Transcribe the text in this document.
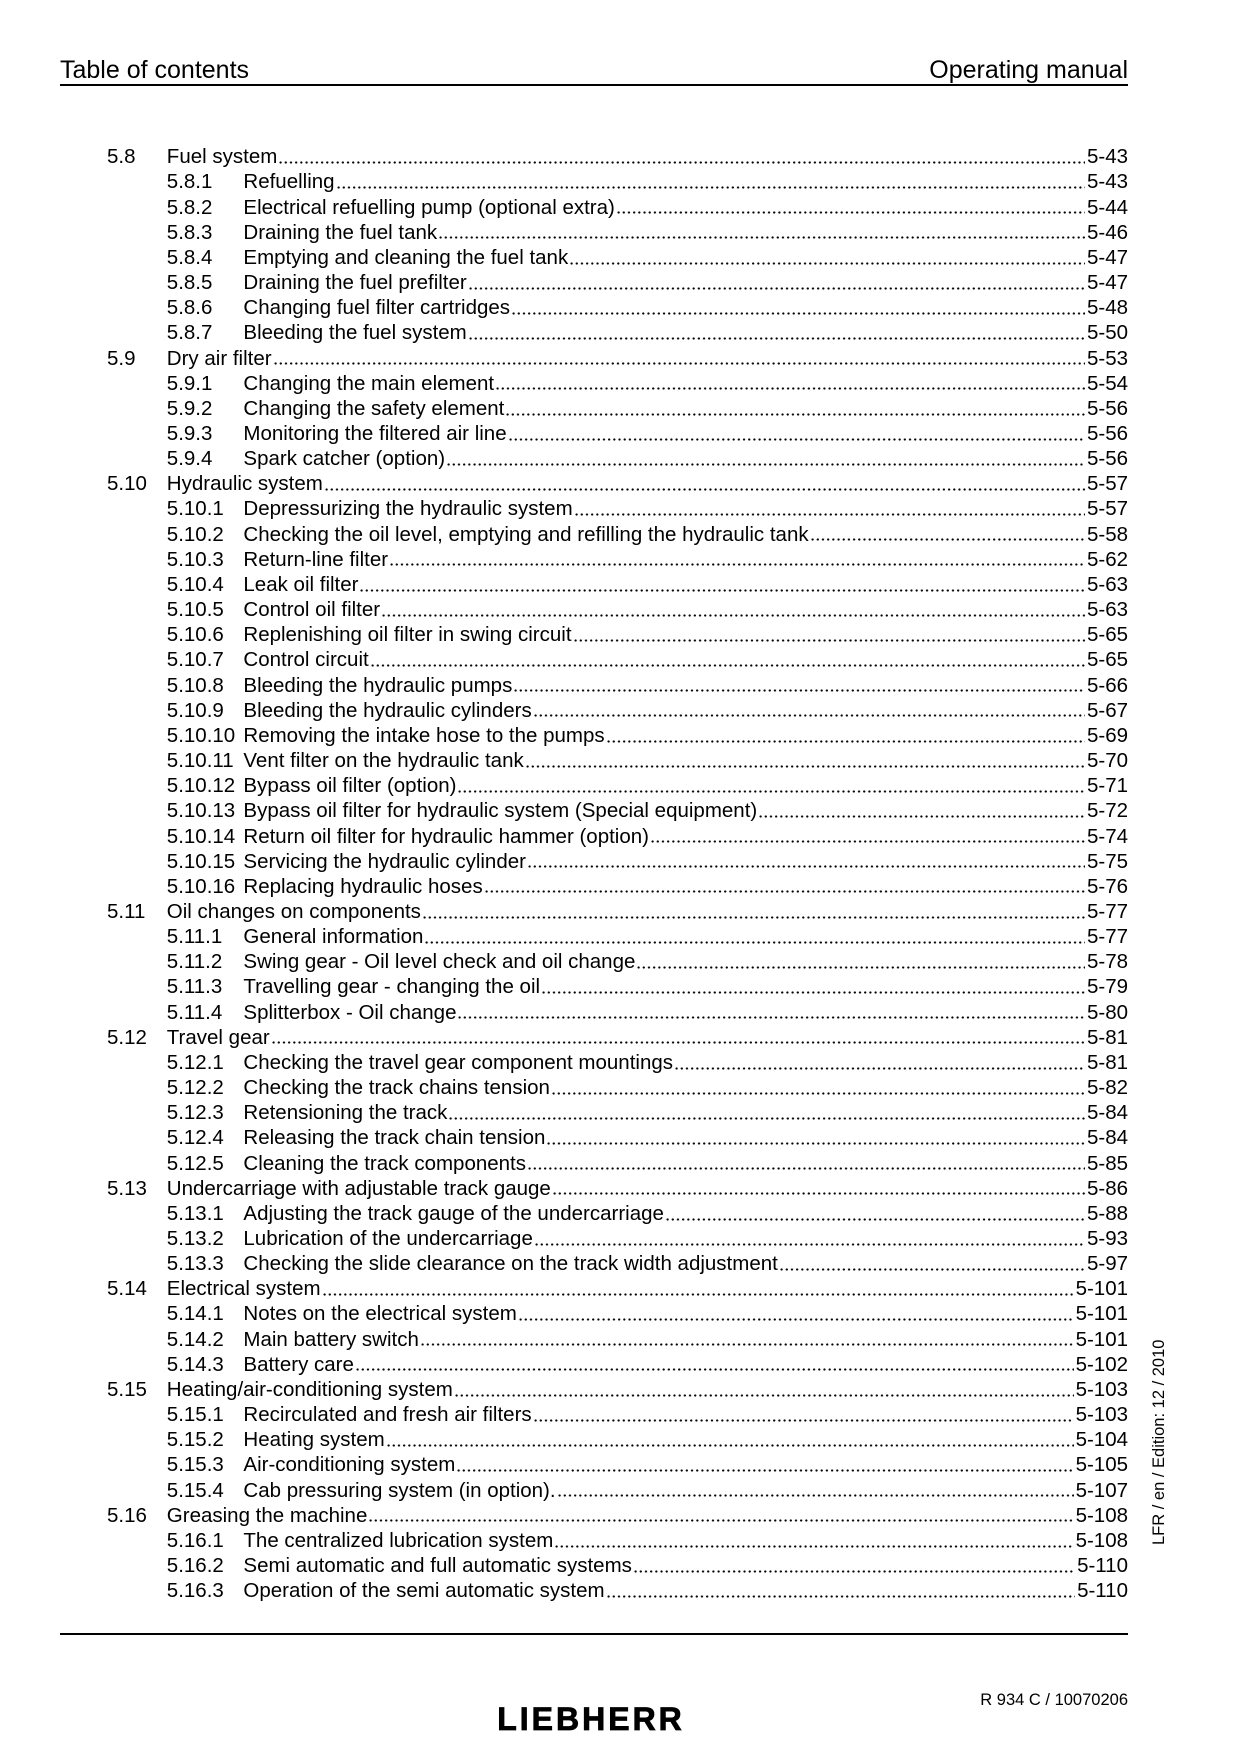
Table of contents	Operating manual
5.8	Fuel system	5-43
5.8.1	Refuelling	5-43
5.8.2	Electrical refuelling pump (optional extra)	5-44
5.8.3	Draining the fuel tank	5-46
5.8.4	Emptying and cleaning the fuel tank	5-47
5.8.5	Draining the fuel prefilter	5-47
5.8.6	Changing fuel filter cartridges	5-48
5.8.7	Bleeding the fuel system	5-50
5.9	Dry air filter	5-53
5.9.1	Changing the main element	5-54
5.9.2	Changing the safety element	5-56
5.9.3	Monitoring the filtered air line	5-56
5.9.4	Spark catcher (option)	5-56
5.10 Hydraulic system	5-57
5.10.1 Depressurizing the hydraulic system	5-57
5.10.2 Checking the oil level, emptying and refilling the hydraulic tank	5-58
5.10.3 Return-line filter	5-62
5.10.4 Leak oil filter	5-63
5.10.5 Control oil filter	5-63
5.10.6 Replenishing oil filter in swing circuit	5-65
5.10.7 Control circuit	5-65
5.10.8 Bleeding the hydraulic pumps	5-66
5.10.9 Bleeding the hydraulic cylinders	5-67
5.10.10 Removing the intake hose to the pumps	5-69
5.10.11 Vent filter on the hydraulic tank	5-70
5.10.12 Bypass oil filter (option)	5-71
5.10.13 Bypass oil filter for hydraulic system (Special equipment)	5-72
5.10.14 Return oil filter for hydraulic hammer (option)	5-74
5.10.15 Servicing the hydraulic cylinder	5-75
5.10.16 Replacing hydraulic hoses	5-76
5.11	Oil changes on components	5-77
5.11.1	General information	5-77
5.11.2	Swing gear - Oil level check and oil change	5-78
5.11.3	Travelling gear - changing the oil	5-79
5.11.4	Splitterbox - Oil change	5-80
5.12 Travel gear	5-81
5.12.1 Checking the travel gear component mountings	5-81
5.12.2 Checking the track chains tension	5-82
5.12.3 Retensioning the track	5-84
5.12.4 Releasing the track chain tension	5-84
5.12.5 Cleaning the track components	5-85
5.13 Undercarriage with adjustable track gauge	5-86
5.13.1 Adjusting the track gauge of the undercarriage	5-88
5.13.2 Lubrication of the undercarriage	5-93
5.13.3 Checking the slide clearance on the track width adjustment	5-97
5.14 Electrical system	5-101
5.14.1 Notes on the electrical system	5-101
5.14.2 Main battery switch	5-101
5.14.3 Battery care	5-102
5.15 Heating/air-conditioning system	5-103
5.15.1 Recirculated and fresh air filters	5-103
5.15.2 Heating system	5-104
5.15.3 Air-conditioning system	5-105
5.15.4 Cab pressuring system (in option).	5-107
5.16 Greasing the machine	5-108
5.16.1 The centralized lubrication system	5-108
5.16.2 Semi automatic and full automatic systems	5-110
5.16.3 Operation of the semi automatic system	5-110
LFR / en / Edition: 12 / 2010
LIEBHERR
R 934 C / 10070206
